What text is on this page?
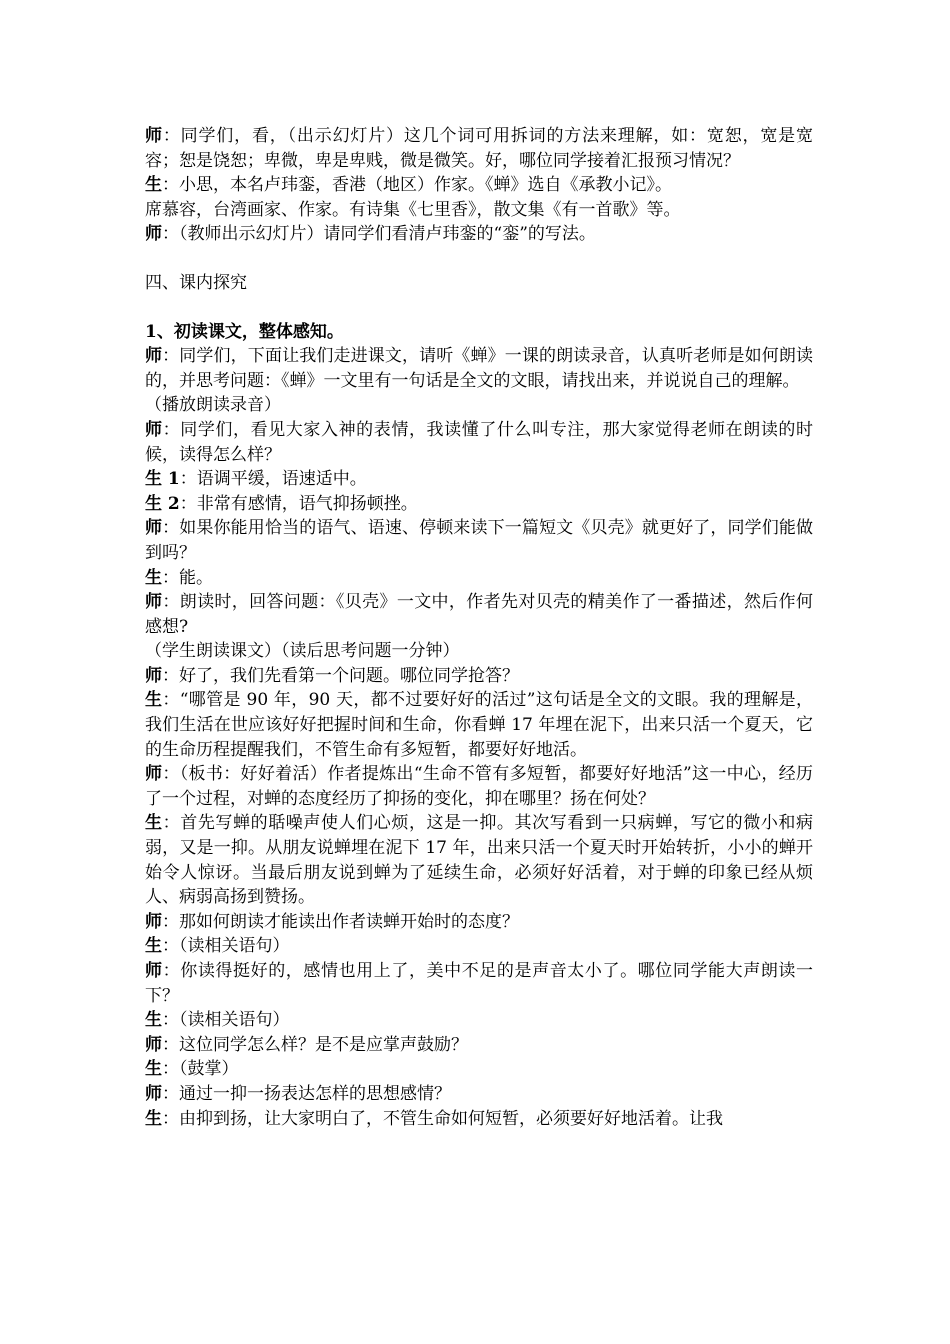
师：同学们，看，（出示幻灯片）这几个词可用拆词的方法来理解，如：宽恕，宽是宽容；恕是饶恕；卑微，卑是卑贱，微是微笑。好，哪位同学接着汇报预习情况？

生：小思，本名卢玮銮，香港（地区）作家。《蝉》选自《承教小记》。

席慕容，台湾画家、作家。有诗集《七里香》，散文集《有一首歌》等。

师：（教师出示幻灯片）请同学们看清卢玮銮的“銮”的写法。

四、课内探究

1、初读课文，整体感知。

师：同学们，下面让我们走进课文，请听《蝉》一课的朗读录音，认真听老师是如何朗读的，并思考问题：《蝉》一文里有一句话是全文的文眼，请找出来，并说说自己的理解。

（播放朗读录音）

师：同学们，看见大家入神的表情，我读懂了什么叫专注，那大家觉得老师在朗读的时候，读得怎么样？

生 1：语调平缓，语速适中。

生 2：非常有感情，语气抑扬顿挫。

师：如果你能用恰当的语气、语速、停顿来读下一篇短文《贝壳》就更好了，同学们能做到吗？

生：能。

师：朗读时，回答问题：《贝壳》一文中，作者先对贝壳的精美作了一番描述，然后作何感想?

（学生朗读课文）（读后思考问题一分钟）

师：好了，我们先看第一个问题。哪位同学抢答？

生：“哪管是 90 年，90 天，都不过要好好的活过”这句话是全文的文眼。我的理解是，我们生活在世应该好好把握时间和生命，你看蝉 17 年埋在泥下，出来只活一个夏天，它的生命历程提醒我们，不管生命有多短暂，都要好好地活。

师：（板书：好好着活）作者提炼出“生命不管有多短暂，都要好好地活”这一中心，经历了一个过程，对蝉的态度经历了抑扬的变化，抑在哪里？扬在何处？

生：首先写蝉的聒噪声使人们心烦，这是一抑。其次写看到一只病蝉，写它的微小和病弱，又是一抑。从朋友说蝉埋在泥下 17 年，出来只活一个夏天时开始转折，小小的蝉开始令人惊讶。当最后朋友说到蝉为了延续生命，必须好好活着，对于蝉的印象已经从烦人、病弱高扬到赞扬。

师：那如何朗读才能读出作者读蝉开始时的态度？

生：（读相关语句）

师：你读得挺好的，感情也用上了，美中不足的是声音太小了。哪位同学能大声朗读一下？

生：（读相关语句）

师：这位同学怎么样？是不是应掌声鼓励？

生：（鼓掌）

师：通过一抑一扬表达怎样的思想感情？

生：由抑到扬，让大家明白了，不管生命如何短暂，必须要好好地活着。让我
